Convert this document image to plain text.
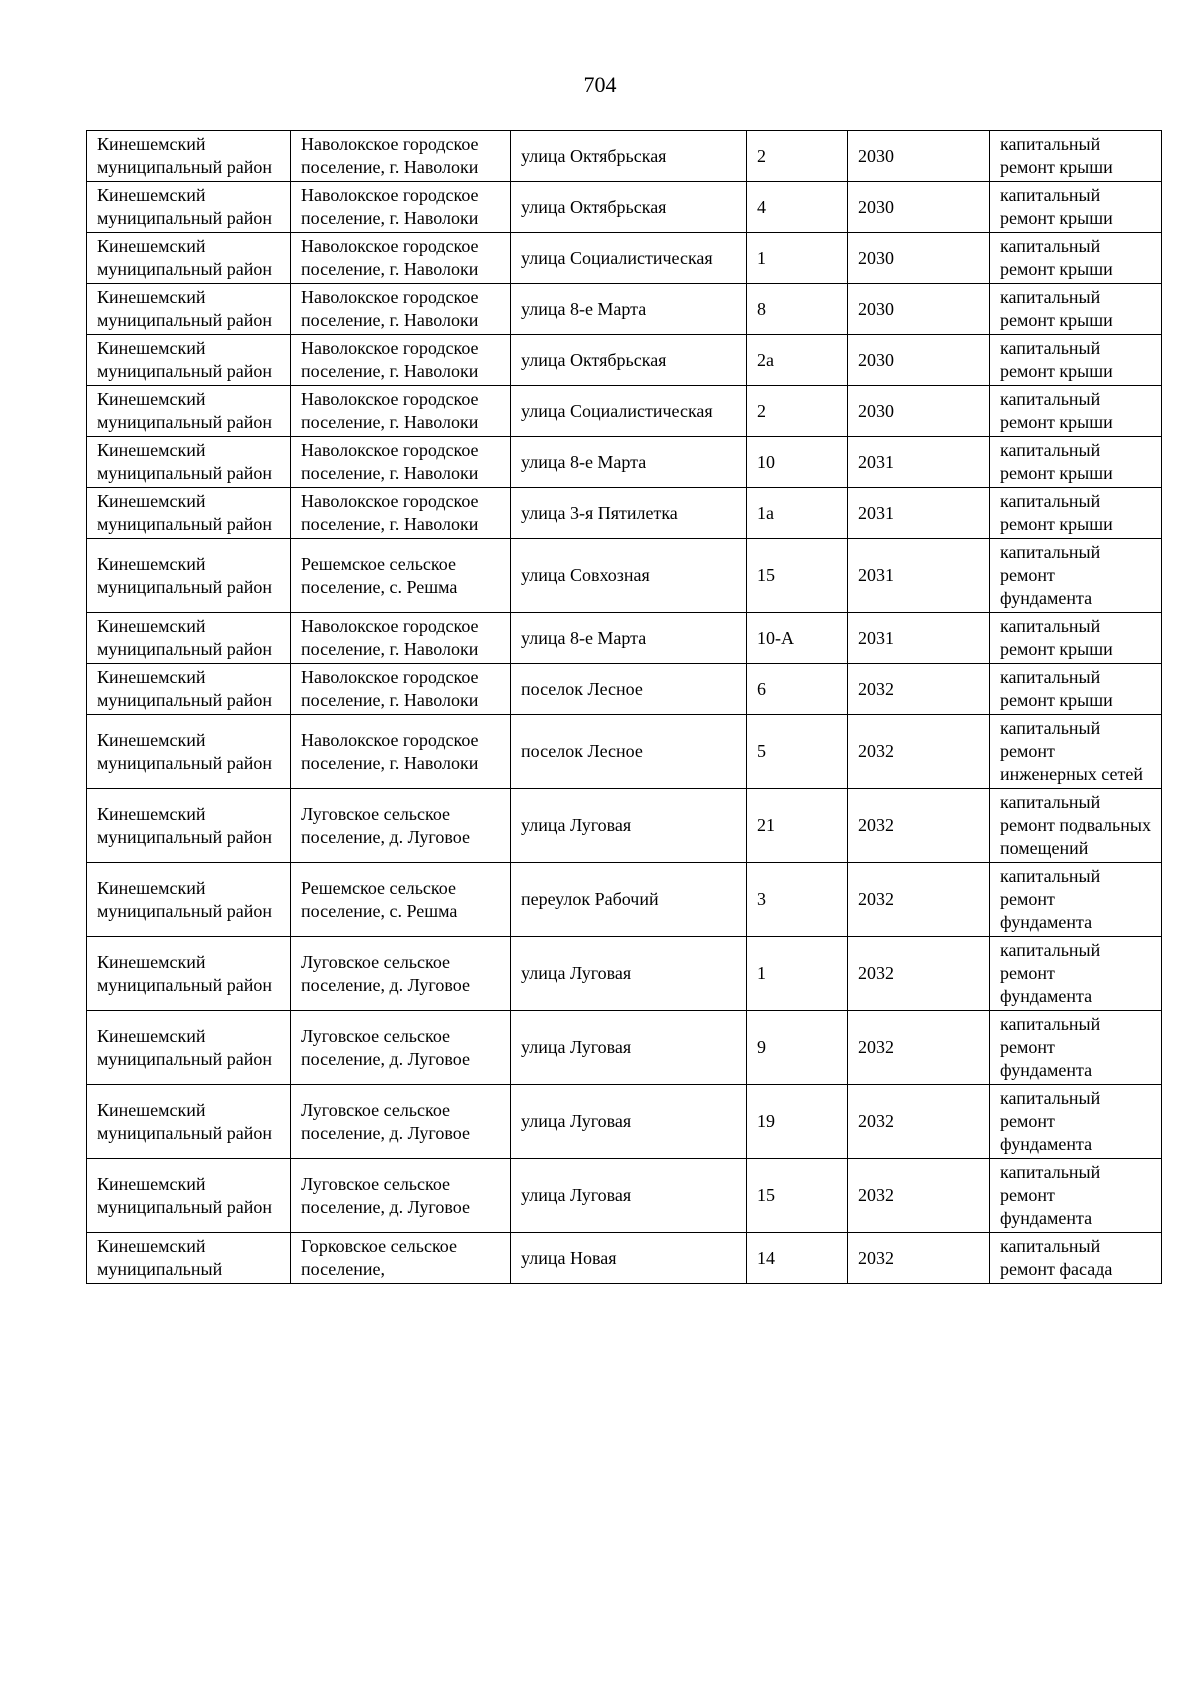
704
Кинешемский муниципальный район	Наволокское городское поселение, г. Наволоки	улица Октябрьская	2	2030	капитальный ремонт крыши
Кинешемский муниципальный район	Наволокское городское поселение, г. Наволоки	улица Октябрьская	4	2030	капитальный ремонт крыши
Кинешемский муниципальный район	Наволокское городское поселение, г. Наволоки	улица Социалистическая	1	2030	капитальный ремонт крыши
Кинешемский муниципальный район	Наволокское городское поселение, г. Наволоки	улица 8-е Марта	8	2030	капитальный ремонт крыши
Кинешемский муниципальный район	Наволокское городское поселение, г. Наволоки	улица Октябрьская	2а	2030	капитальный ремонт крыши
Кинешемский муниципальный район	Наволокское городское поселение, г. Наволоки	улица Социалистическая	2	2030	капитальный ремонт крыши
Кинешемский муниципальный район	Наволокское городское поселение, г. Наволоки	улица 8-е Марта	10	2031	капитальный ремонт крыши
Кинешемский муниципальный район	Наволокское городское поселение, г. Наволоки	улица 3-я Пятилетка	1а	2031	капитальный ремонт крыши
Кинешемский муниципальный район	Решемское сельское поселение, с. Решма	улица Совхозная	15	2031	капитальный ремонт фундамента
Кинешемский муниципальный район	Наволокское городское поселение, г. Наволоки	улица 8-е Марта	10-А	2031	капитальный ремонт крыши
Кинешемский муниципальный район	Наволокское городское поселение, г. Наволоки	поселок Лесное	6	2032	капитальный ремонт крыши
Кинешемский муниципальный район	Наволокское городское поселение, г. Наволоки	поселок Лесное	5	2032	капитальный ремонт инженерных сетей
Кинешемский муниципальный район	Луговское сельское поселение, д. Луговое	улица Луговая	21	2032	капитальный ремонт подвальных помещений
Кинешемский муниципальный район	Решемское сельское поселение, с. Решма	переулок Рабочий	3	2032	капитальный ремонт фундамента
Кинешемский муниципальный район	Луговское сельское поселение, д. Луговое	улица Луговая	1	2032	капитальный ремонт фундамента
Кинешемский муниципальный район	Луговское сельское поселение, д. Луговое	улица Луговая	9	2032	капитальный ремонт фундамента
Кинешемский муниципальный район	Луговское сельское поселение, д. Луговое	улица Луговая	19	2032	капитальный ремонт фундамента
Кинешемский муниципальный район	Луговское сельское поселение, д. Луговое	улица Луговая	15	2032	капитальный ремонт фундамента
Кинешемский муниципальный	Горковское сельское поселение,	улица Новая	14	2032	капитальный ремонт фасада
